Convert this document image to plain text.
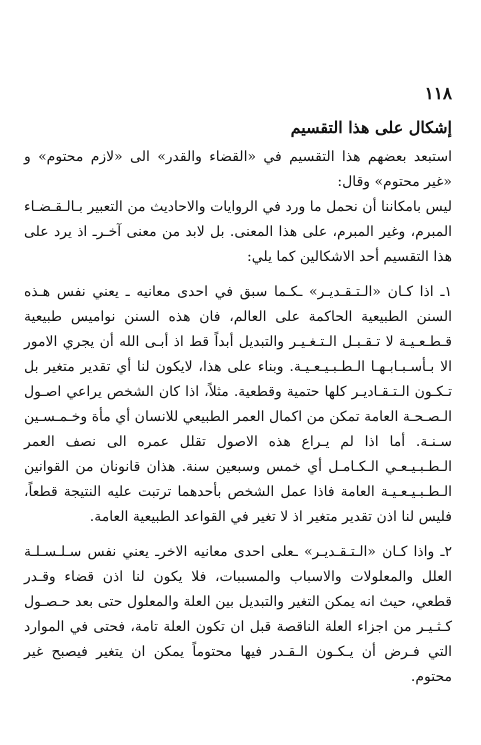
١١٨
إشكال على هذا التقسيم

استبعد بعضهم هذا التقسيم في «القضاء والقدر» الى «لازم محتوم» و «غير محتوم» وقال:

ليس بامكاننا أن نحمل ما ورد في الروايات والاحاديث من التعبير بـالـقـضـاء المبرم، وغير المبرم، على هذا المعنى. بل لابد من معنى آخـرـ اذ يرد على هذا التقسيم أحد الاشكالين كما يلي:

١ـ اذا كـان «الـتـقـديـر» ـكـما سبق في احدى معانيه ـ يعني نفس هـذه السنن الطبيعية الحاكمة على العالم، فان هذه السنن نواميس طبيعية قـطـعـيـة لا تـقـبـل الـتـغـيـر والتبديل أبداً قط اذ أبـى الله أن يجري الامور الا بـأسـبـابـهـا الـطـبـيـعـيـة. وبناء على هذا، لايكون لنا أي تقدير متغير بل تـكـون الـتـقـاديـر كلها حتمية وقطعية. مثلاً، اذا كان الشخص يراعي اصـول الـصـحـة العامة تمكن من اكمال العمر الطبيعي للانسان أي مأة وخـمـسـين سـنـة. أما اذا لم يـراع هذه الاصول تقلل عمره الى نصف العمر الـطـبـيـعـي الـكـامـل أي خمس وسبعين سنة. هذان قانونان من القوانين الـطـبـيـعـيـة العامة فاذا عمل الشخص بأحدهما ترتبت عليه النتيجة قطعاً، فليس لنا اذن تقدير متغير اذ لا تغير في القواعد الطبيعية العامة.

٢ـ واذا كـان «الـتـقـديـر» ـعلى احدى معانيه الاخرـ يعني نفس سـلـسـلـة العلل والمعلولات والاسباب والمسببات، فلا يكون لنا اذن قضاء وقـدر قطعي، حيث انه يمكن التغير والتبديل بين العلة والمعلول حتى بعد حـصـول كـثـيـر من اجزاء العلة الناقصة قبل ان تكون العلة تامة، فحتى في الموارد التي فـرض أن يـكـون الـقـدر فيها محتوماً يمكن ان يتغير فيصبح غير محتوم.
